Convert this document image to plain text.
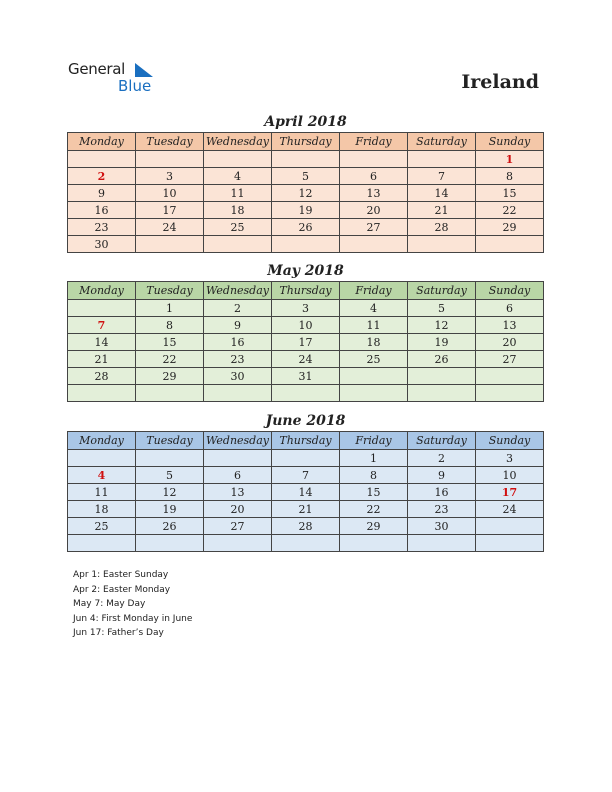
General
Blue	Ireland
April 2018
Monday	Tuesday	Wednesday	Thursday	Friday	Saturday	Sunday
						1
2	3	4	5	6	7	8
9	10	11	12	13	14	15
16	17	18	19	20	21	22
23	24	25	26	27	28	29
30						
May 2018
Monday	Tuesday	Wednesday	Thursday	Friday	Saturday	Sunday
	1	2	3	4	5	6
7	8	9	10	11	12	13
14	15	16	17	18	19	20
21	22	23	24	25	26	27
28	29	30	31			

June 2018
Monday	Tuesday	Wednesday	Thursday	Friday	Saturday	Sunday
				1	2	3
4	5	6	7	8	9	10
11	12	13	14	15	16	17
18	19	20	21	22	23	24
25	26	27	28	29	30	

Apr 1: Easter Sunday
Apr 2: Easter Monday
May 7: May Day
Jun 4: First Monday in June
Jun 17: Father’s Day
